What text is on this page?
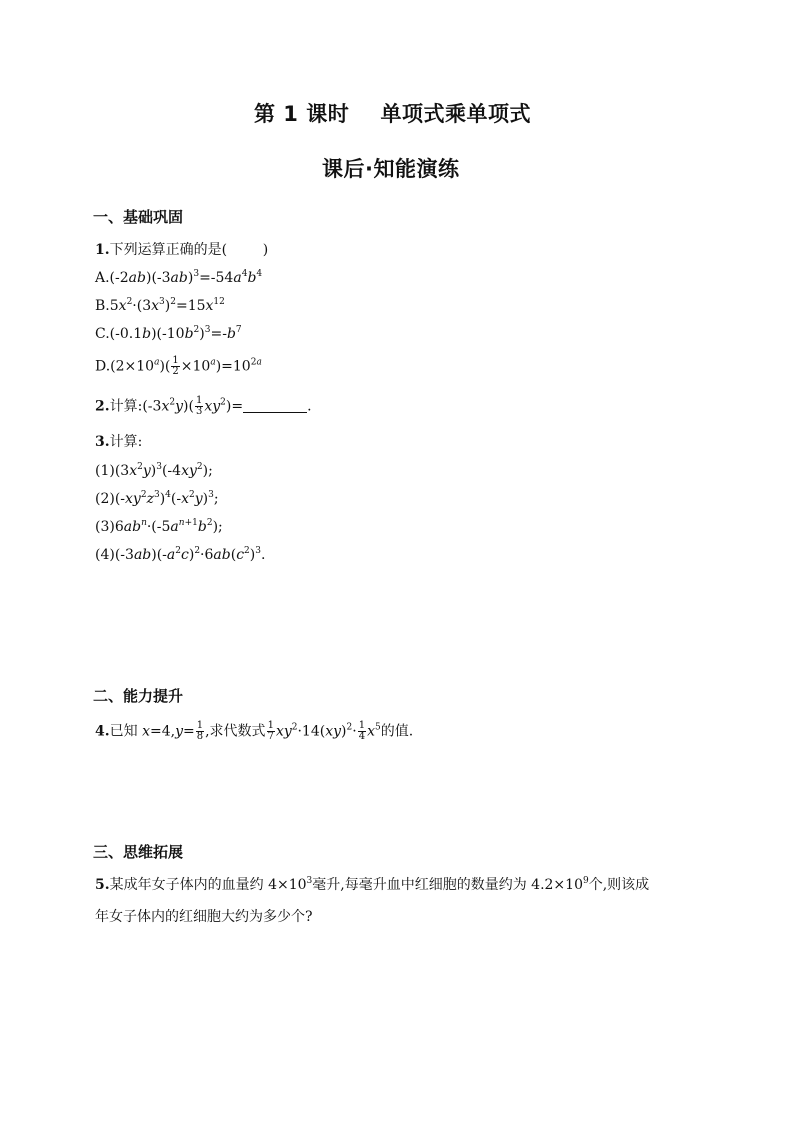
第 1 课时    单项式乘单项式
课后·知能演练
一、基础巩固
1.下列运算正确的是(        )
$A.(-2ab)(-3ab)^3=-54a^4b^4$
$B.5x^2\cdot(3x^3)^2=15x^{12}$
$C.(-0.1b)(-10b^2)^3=-b^7$
$D.(2\times 10^a)( \frac{1}{2} \times 10^a)=10^{2a}$
2.计算$:(-3x^2y)( \frac{1}{3} xy^2)=$	.
3.计算:
$(1)(3x^2y)^3(-4xy^2)$;
$(2)(-xy^2z^3)^4(-x^2y)^3$;
$(3)6ab^n\cdot(-5a^{n+1}b^2)$;
$(4)(-3ab)(-a^2c)^2\cdot 6ab(c^2)^3$.
二、能力提升
4.已知 $x=4,y= \frac{1}{8}$ ,求代数式 $\frac{1}{7} xy^2\cdot 14(xy)^2\cdot \frac{1}{4} x^5$的值.
三、思维拓展
5.某成年女子体内的血量约 $4\times 10^3$毫升,每毫升血中红细胞的数量约为 $4.2\times 10^9$个,则该成
年女子体内的红细胞大约为多少个?
